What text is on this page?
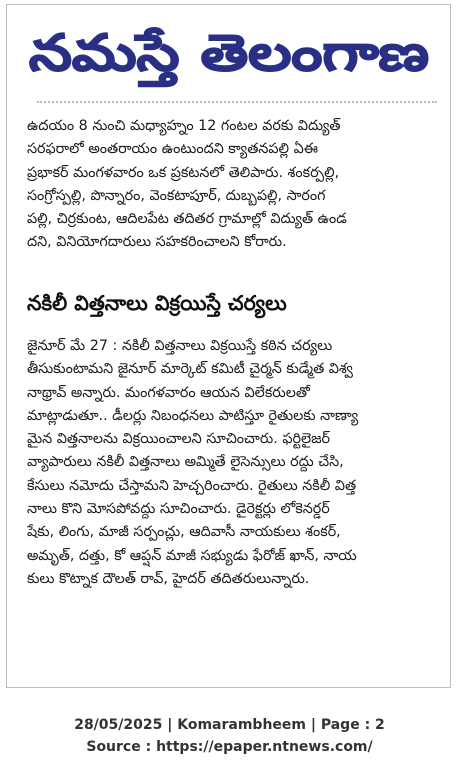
నమస్తే తెలంగాణ
ఉదయం 8 నుంచి మధ్యాహ్నం 12 గంటల వరకు విద్యుత్
సరఫరాలో అంతరాయం ఉంటుందని క్యాతనపల్లి ఏఈ
ప్రభాకర్ మంగళవారం ఒక ప్రకటనలో తెలిపారు. శంకర్పల్లి,
సంగ్రోస్పల్లి, పొన్నారం, వెంకటాపూర్, దుబ్బపల్లి, సారంగ
పల్లి, చిర్రకుంట, ఆదిలపేట తదితర గ్రామాల్లో విద్యుత్ ఉండ
దని, వినియోగదారులు సహకరించాలని కోరారు.
నకిలీ విత్తనాలు విక్రయిస్తే చర్యలు
జైనూర్ మే 27 : నకిలీ విత్తనాలు విక్రయిస్తే కఠిన చర్యలు
తీసుకుంటామని జైనూర్ మార్కెట్ కమిటీ చైర్మన్ కుడ్మేత విశ్వ
నాథ్రావ్ అన్నారు. మంగళవారం ఆయన విలేకరులతో
మాట్లాడుతూ.. డీలర్లు నిబంధనలు పాటిస్తూ రైతులకు నాణ్యా
మైన విత్తనాలను విక్రయించాలని సూచించారు. ఫర్టిలైజర్
వ్యాపారులు నకిలీ విత్తనాలు అమ్మితే లైసెన్సులు రద్దు చేసి,
కేసులు నమోదు చేస్తామని హెచ్చరించారు. రైతులు నకిలీ విత్త
నాలు కొని మోసపోవద్దు సూచించారు. డైరెక్టర్లు లోకెనర్డర్
షేకు, లింగు, మాజీ సర్పంచ్లు, ఆదివాసీ నాయకులు శంకర్,
అమృత్, దత్తు, కో ఆప్షన్ మాజీ సభ్యుడు ఫేరోజ్ ఖాన్, నాయ
కులు కొట్నాక దౌలత్ రావ్, హైదర్ తదితరులున్నారు.
28/05/2025 | Komarambheem | Page : 2
Source : https://epaper.ntnews.com/
